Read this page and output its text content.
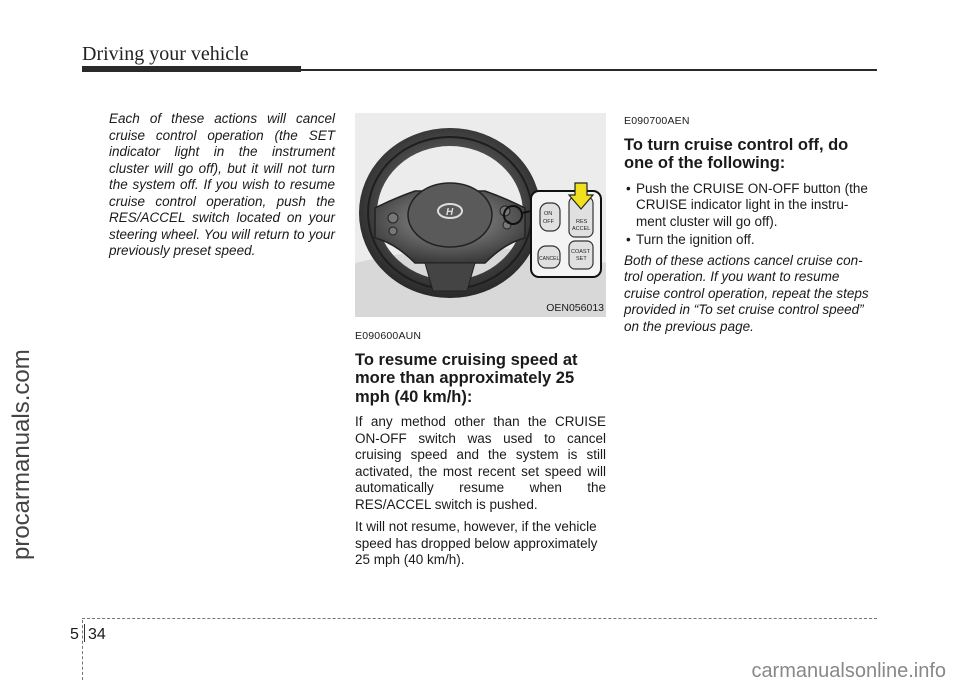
Driving your vehicle
procarmanuals.com

Each of these actions will cancel cruise control operation (the SET indicator light in the instrument cluster will go off), but it will not turn the system off. If you wish to resume cruise control operation, push the RES/ACCEL switch located on your steering wheel. You will return to your previously preset speed.

H	ON
OFF	RES
ACCEL
CANCEL
COAST
SET
OEN056013
E090600AUN
To resume cruising speed at more than approximately 25 mph (40 km/h):

If any method other than the CRUISE ON-OFF switch was used to cancel cruising speed and the system is still activated, the most recent set speed will automatically resume when the RES/ACCEL switch is pushed.

It will not resume, however, if the vehicle speed has dropped below approximately 25 mph (40 km/h).

E090700AEN
To turn cruise control off, do one of the following:
• Push the CRUISE ON-OFF button (the CRUISE indicator light in the instru-ment cluster will go off).
• Turn the ignition off.

Both of these actions cancel cruise con-trol operation. If you want to resume cruise control operation, repeat the steps provided in “To set cruise control speed” on the previous page.

5 34
carmanualsonline.info
